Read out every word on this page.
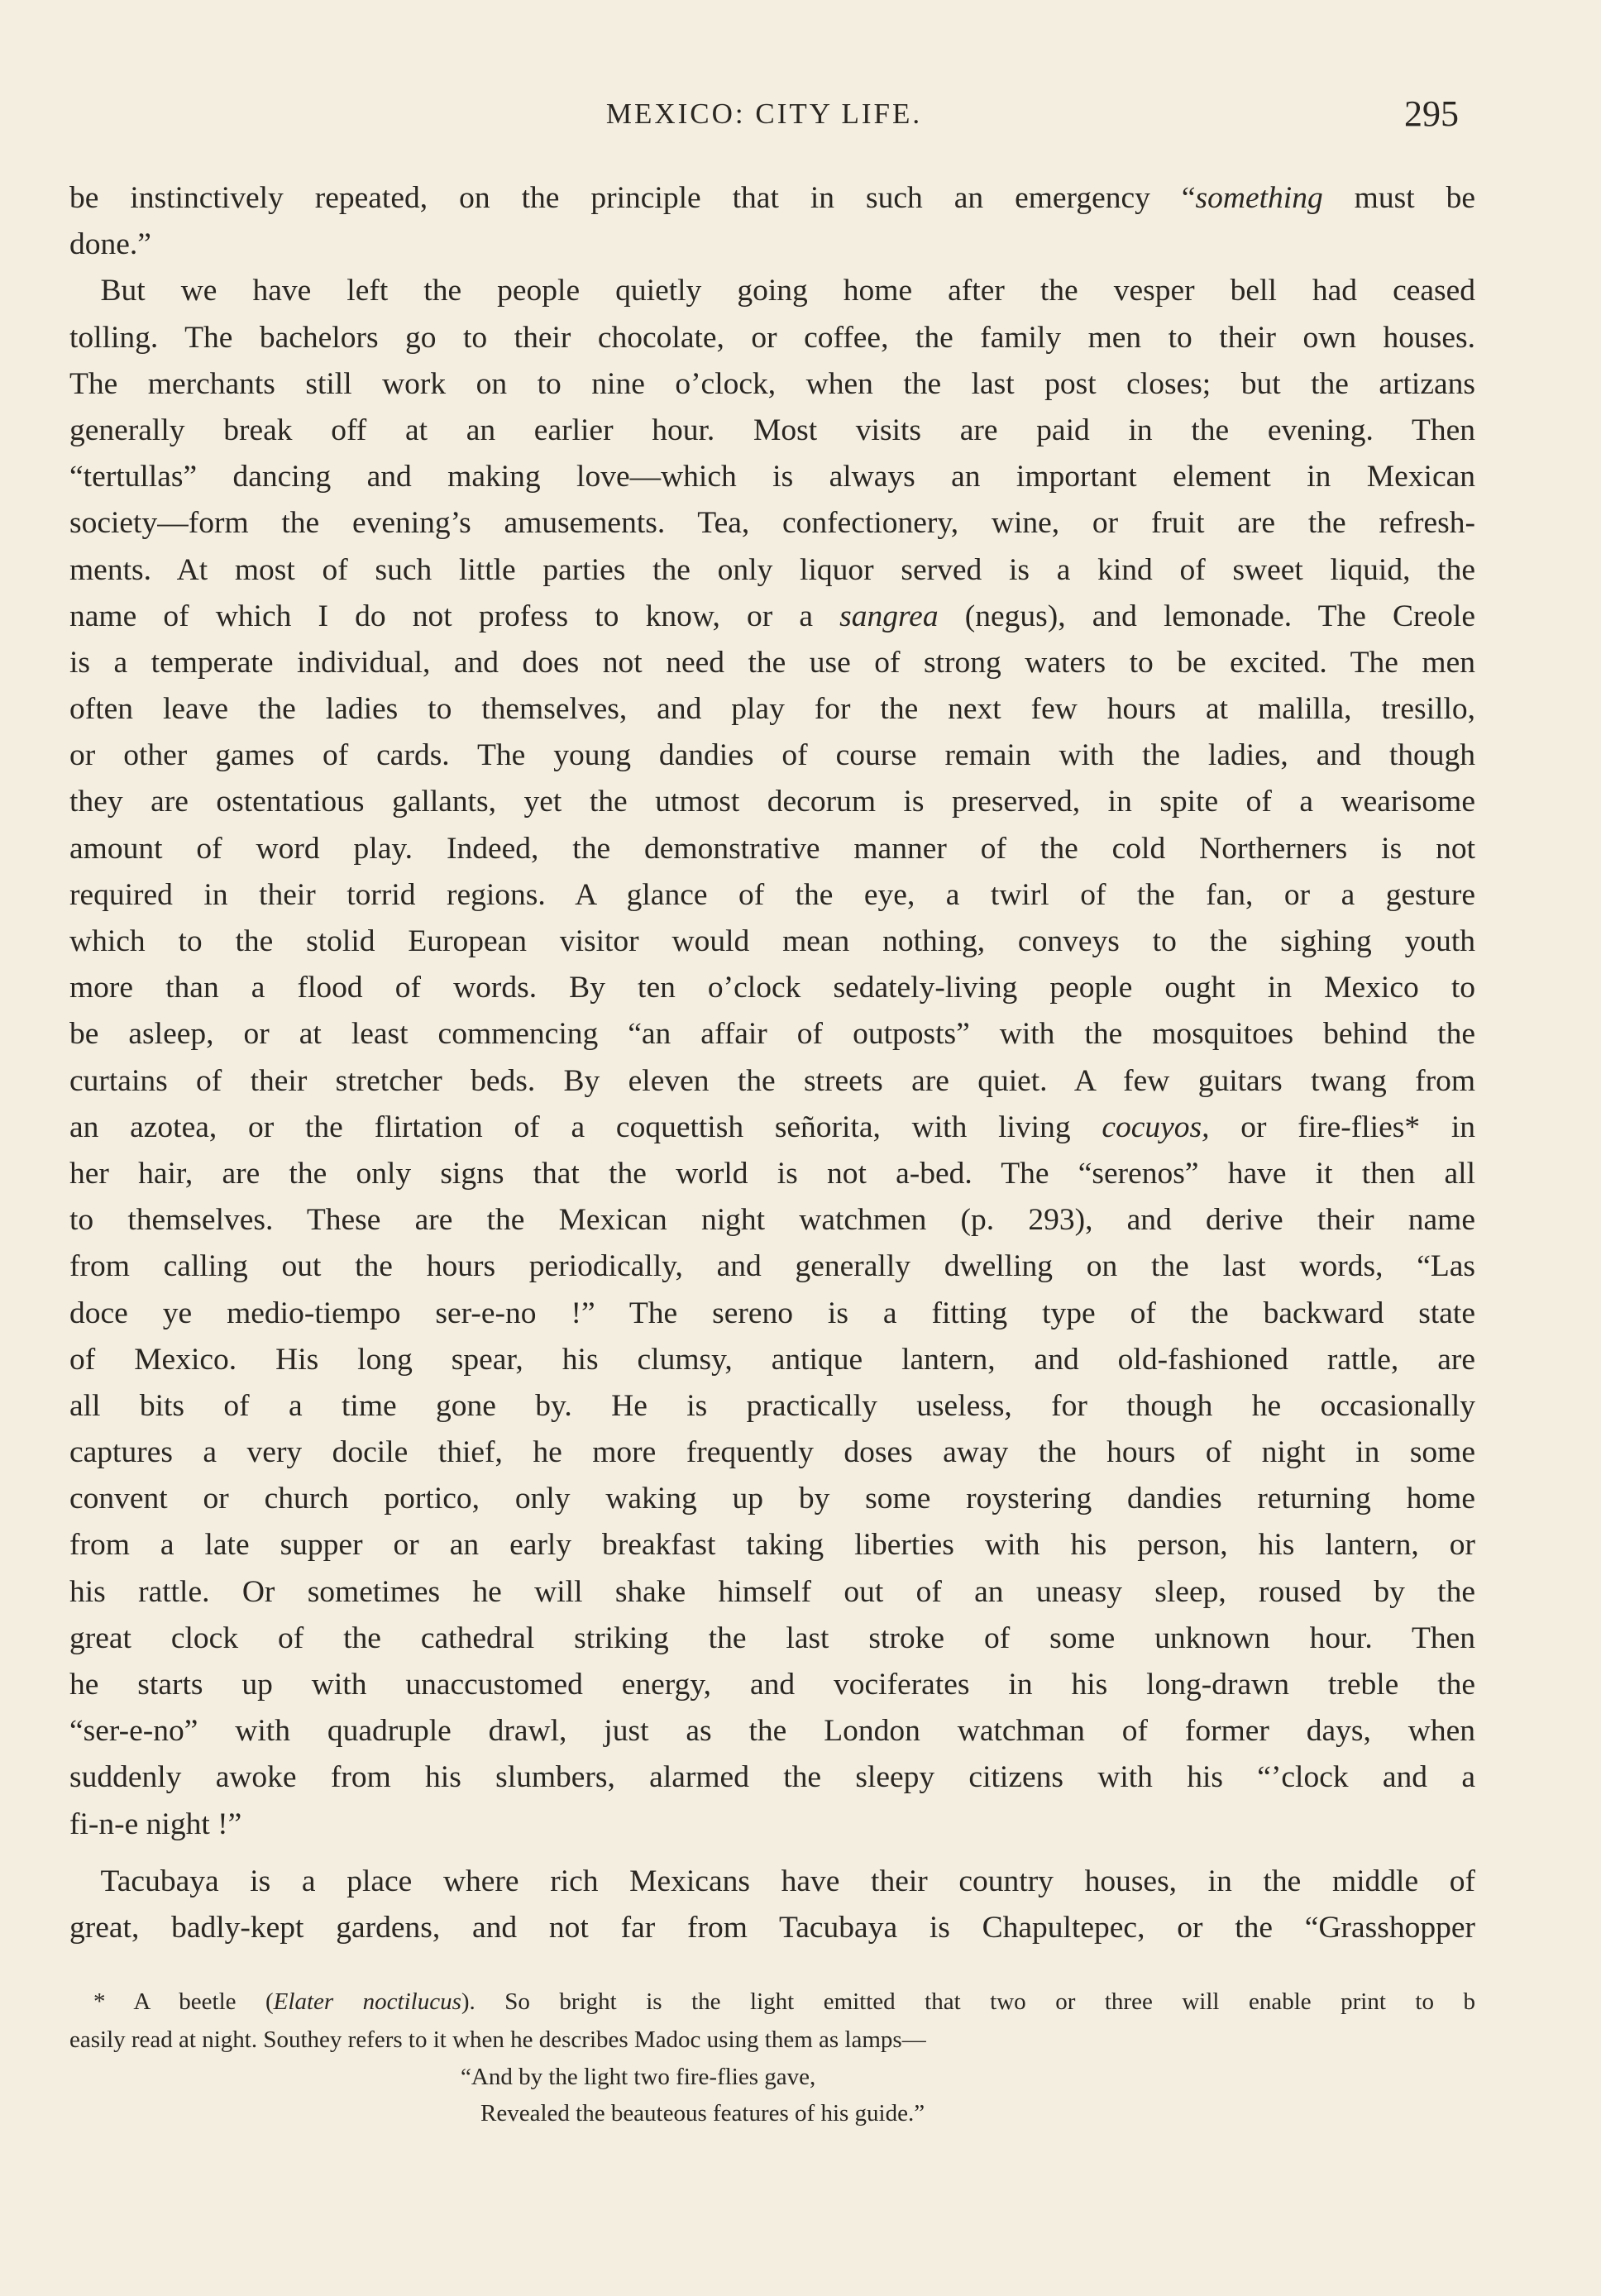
MEXICO: CITY LIFE.	295
be instinctively repeated, on the principle that in such an emergency “something must be
done.”
 But we have left the people quietly going home after the vesper bell had ceased
tolling. The bachelors go to their chocolate, or coffee, the family men to their own houses.
The merchants still work on to nine o’clock, when the last post closes; but the artizans
generally break off at an earlier hour. Most visits are paid in the evening. Then
“tertullas” dancing and making love—which is always an important element in Mexican
society—form the evening’s amusements. Tea, confectionery, wine, or fruit are the refresh-
ments. At most of such little parties the only liquor served is a kind of sweet liquid, the
name of which I do not profess to know, or a sangrea (negus), and lemonade. The Creole
is a temperate individual, and does not need the use of strong waters to be excited. The men
often leave the ladies to themselves, and play for the next few hours at malilla, tresillo,
or other games of cards. The young dandies of course remain with the ladies, and though
they are ostentatious gallants, yet the utmost decorum is preserved, in spite of a wearisome
amount of word play. Indeed, the demonstrative manner of the cold Northerners is not
required in their torrid regions. A glance of the eye, a twirl of the fan, or a gesture
which to the stolid European visitor would mean nothing, conveys to the sighing youth
more than a flood of words. By ten o’clock sedately-living people ought in Mexico to
be asleep, or at least commencing “an affair of outposts” with the mosquitoes behind the
curtains of their stretcher beds. By eleven the streets are quiet. A few guitars twang from
an azotea, or the flirtation of a coquettish señorita, with living cocuyos, or fire-flies* in
her hair, are the only signs that the world is not a-bed. The “serenos” have it then all
to themselves. These are the Mexican night watchmen (p. 293), and derive their name
from calling out the hours periodically, and generally dwelling on the last words, “Las
doce ye medio-tiempo ser-e-no !” The sereno is a fitting type of the backward state
of Mexico. His long spear, his clumsy, antique lantern, and old-fashioned rattle, are
all bits of a time gone by. He is practically useless, for though he occasionally
captures a very docile thief, he more frequently doses away the hours of night in some
convent or church portico, only waking up by some roystering dandies returning home
from a late supper or an early breakfast taking liberties with his person, his lantern, or
his rattle. Or sometimes he will shake himself out of an uneasy sleep, roused by the
great clock of the cathedral striking the last stroke of some unknown hour. Then
he starts up with unaccustomed energy, and vociferates in his long-drawn treble the
“ser-e-no” with quadruple drawl, just as the London watchman of former days, when
suddenly awoke from his slumbers, alarmed the sleepy citizens with his “’clock and a
fi-n-e night !”
 Tacubaya is a place where rich Mexicans have their country houses, in the middle of
great, badly-kept gardens, and not far from Tacubaya is Chapultepec, or the “Grasshopper
 * A beetle (Elater noctilucus). So bright is the light emitted that two or three will enable print to b
easily read at night. Southey refers to it when he describes Madoc using them as lamps—
“And by the light two fire-flies gave,
Revealed the beauteous features of his guide.”
